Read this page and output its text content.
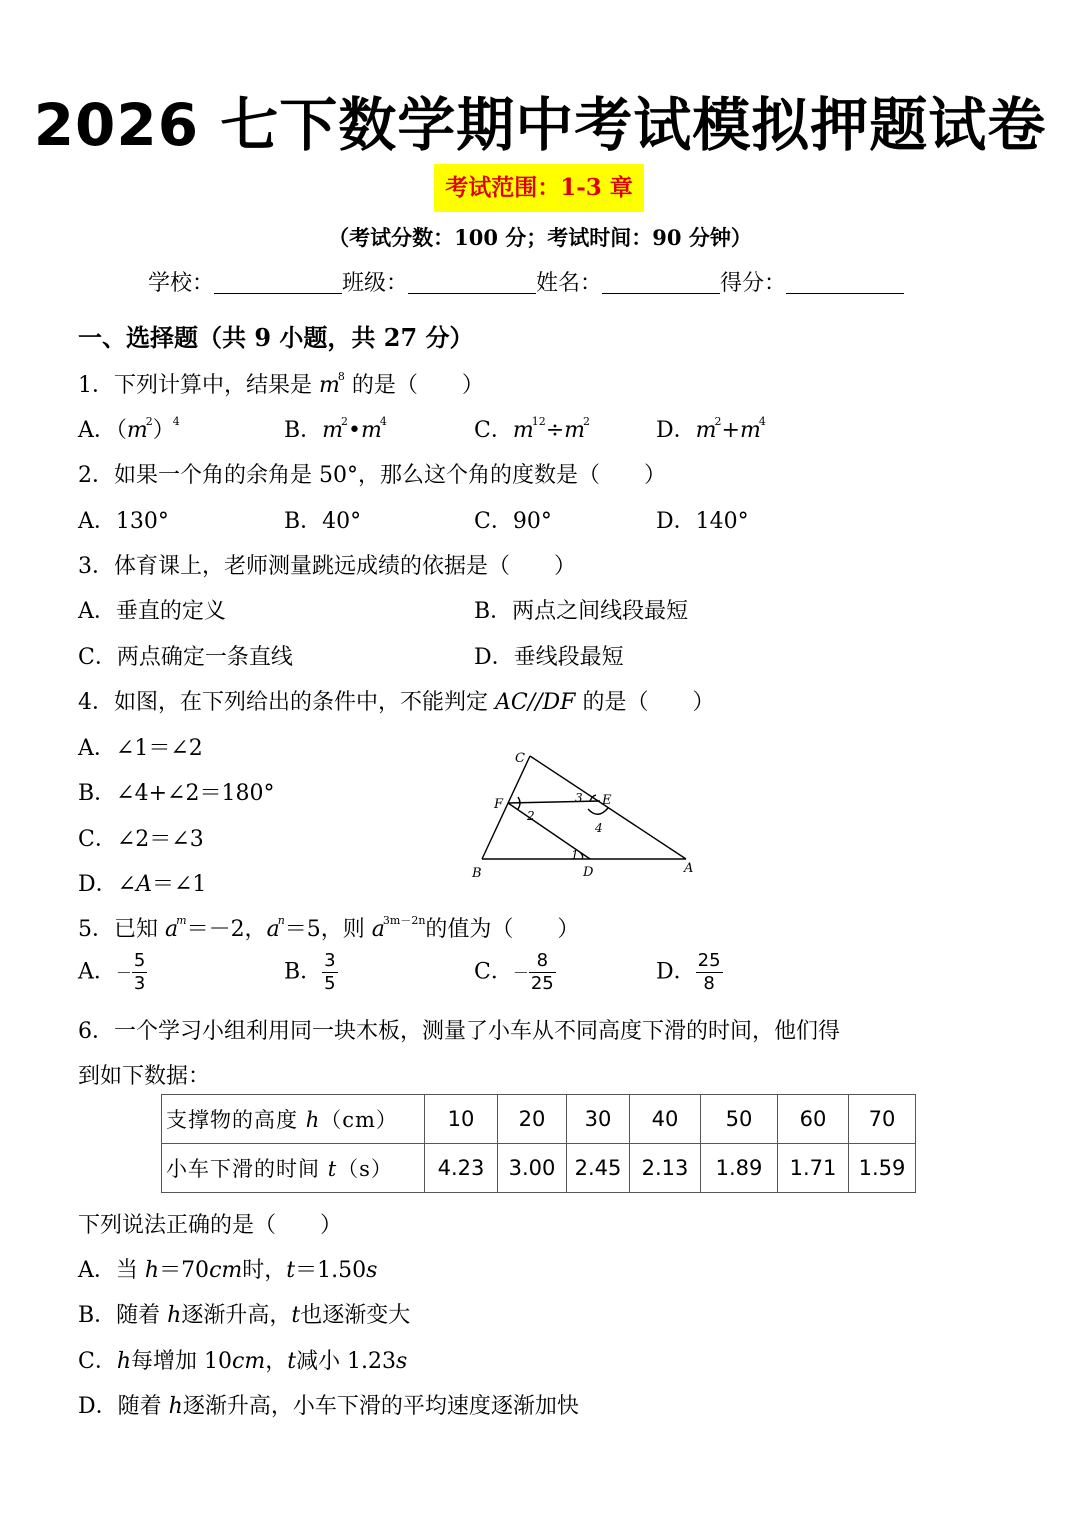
2026 七下数学期中考试模拟押题试卷
考试范围：1-3 章
（考试分数：100 分；考试时间：90 分钟）
学校：	班级：	姓名：	得分：
一、选择题（共 9 小题，共 27 分）
1．下列计算中，结果是 $m^8$ 的是（　　）
A．$(m^2)^4$	B．$m^2•m^4$	C．$m^{12}\div m^2$	D．$m^2+m^4$
2．如果一个角的余角是 50°，那么这个角的度数是（　　）
A．130°	B．40°	C．90°	D．140°
3．体育课上，老师测量跳远成绩的依据是（　　）
A．垂直的定义	B．两点之间线段最短
C．两点确定一条直线	D．垂线段最短
4．如图，在下列给出的条件中，不能判定 AC//DF 的是（　　）
A．∠1＝∠2
B．∠4+∠2＝180°
C．∠2＝∠3
D．∠A＝∠1
C
F	E
B	D	A
1
2
3
4
5．已知 $a^m=-2$，$a^n=5$，则 $a^{3m-2n}$的值为（　　）
A．－ $\frac{5}{3}$	B． $\frac{3}{5}$	C．－ $\frac{8}{25}$	D． $\frac{25}{8}$
6．一个学习小组利用同一块木板，测量了小车从不同高度下滑的时间，他们得
到如下数据：
支撑物的高度 h（cm）	10	20	30	40	50	60	70
小车下滑的时间 t（s）	4.23	3.00	2.45	2.13	1.89	1.71	1.59
下列说法正确的是（　　）
A．当 h＝70cm时，t＝1.50s
B．随着 h逐渐升高，t也逐渐变大
C．h每增加 10cm，t减小 1.23s
D．随着 h逐渐升高，小车下滑的平均速度逐渐加快
